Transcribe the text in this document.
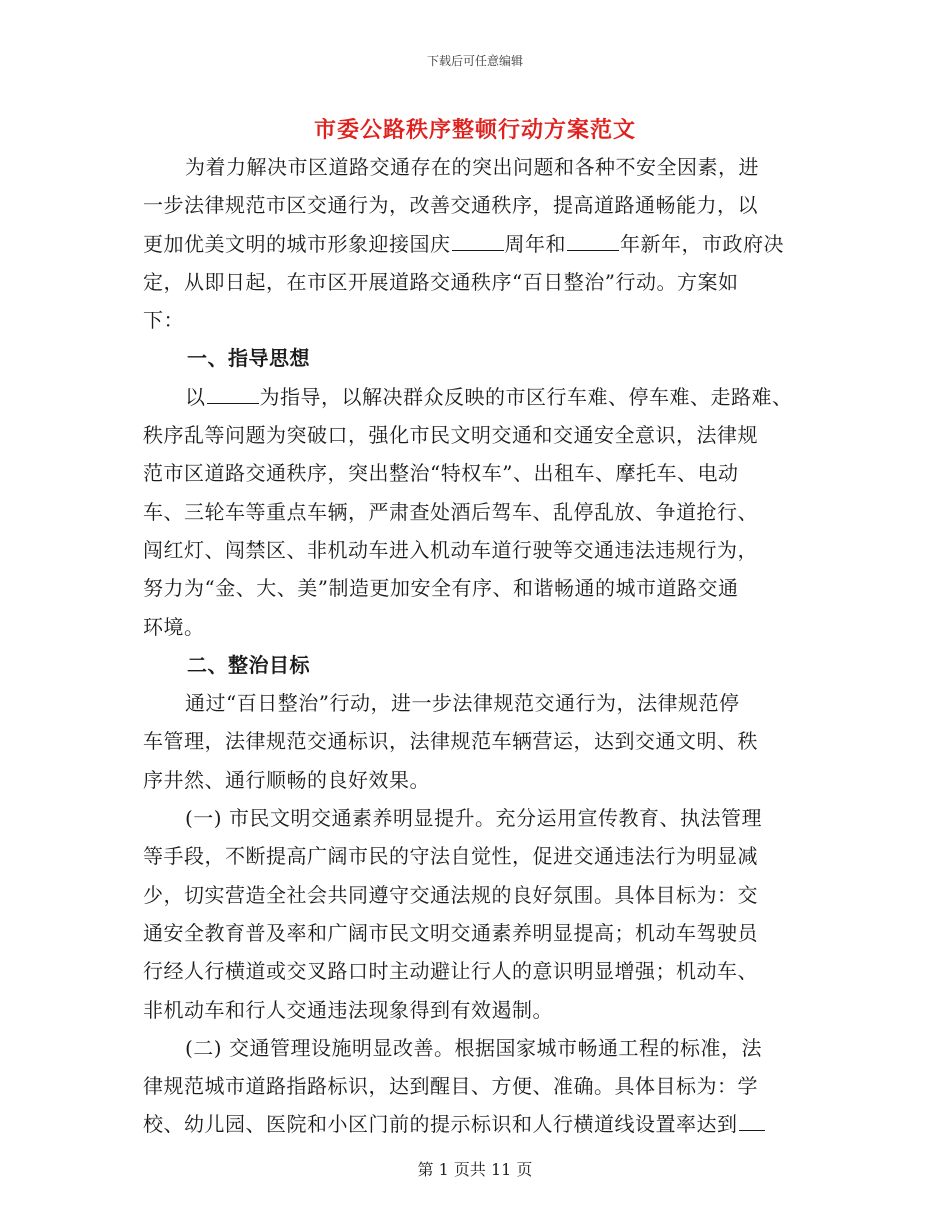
下载后可任意编辑
市委公路秩序整顿行动方案范文
为着力解决市区道路交通存在的突出问题和各种不安全因素，进
一步法律规范市区交通行为，改善交通秩序，提高道路通畅能力，以
更加优美文明的城市形象迎接国庆	周年和	年新年，市政府决
定，从即日起，在市区开展道路交通秩序“百日整治”行动。方案如
下：
一、指导思想
以	为指导，以解决群众反映的市区行车难、停车难、走路难、
秩序乱等问题为突破口，强化市民文明交通和交通安全意识，法律规
范市区道路交通秩序，突出整治“特权车”、出租车、摩托车、电动
车、三轮车等重点车辆，严肃查处酒后驾车、乱停乱放、争道抢行、
闯红灯、闯禁区、非机动车进入机动车道行驶等交通违法违规行为，
努力为“金、大、美”制造更加安全有序、和谐畅通的城市道路交通
环境。
二、整治目标
通过“百日整治”行动，进一步法律规范交通行为，法律规范停
车管理，法律规范交通标识，法律规范车辆营运，达到交通文明、秩
序井然、通行顺畅的良好效果。
(一) 市民文明交通素养明显提升。充分运用宣传教育、执法管理
等手段，不断提高广阔市民的守法自觉性，促进交通违法行为明显减
少，切实营造全社会共同遵守交通法规的良好氛围。具体目标为：交
通安全教育普及率和广阔市民文明交通素养明显提高；机动车驾驶员
行经人行横道或交叉路口时主动避让行人的意识明显增强；机动车、
非机动车和行人交通违法现象得到有效遏制。
(二) 交通管理设施明显改善。根据国家城市畅通工程的标准，法
律规范城市道路指路标识，达到醒目、方便、准确。具体目标为：学
校、幼儿园、医院和小区门前的提示标识和人行横道线设置率达到
第 1 页共 11 页
